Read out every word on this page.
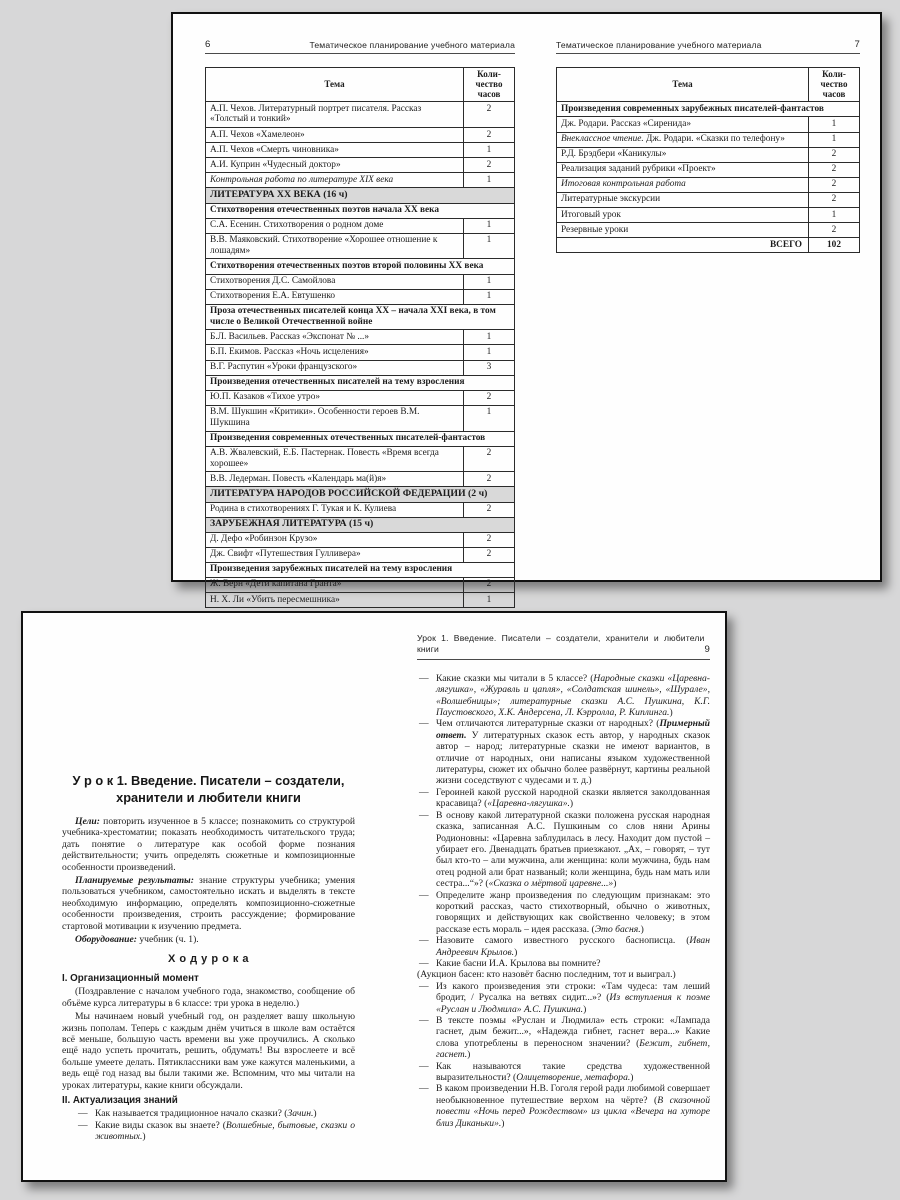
6	Тематическое планирование учебного материала
Тема	Коли-чество часов
А.П. Чехов. Литературный портрет писателя. Рассказ «Толстый и тонкий»	2
А.П. Чехов «Хамелеон»	2
А.П. Чехов «Смерть чиновника»	1
А.И. Куприн «Чудесный доктор»	2
Контрольная работа по литературе XIX века	1
ЛИТЕРАТУРА XX ВЕКА (16 ч)	
Стихотворения отечественных поэтов начала XX века	
С.А. Есенин. Стихотворения о родном доме	1
В.В. Маяковский. Стихотворение «Хорошее отношение к лошадям»	1
Стихотворения отечественных поэтов второй половины XX века	
Стихотворения Д.С. Самойлова	1
Стихотворения Е.А. Евтушенко	1
Проза отечественных писателей конца XX – начала XXI века, в том числе о Великой Отечественной войне	
Б.Л. Васильев. Рассказ «Экспонат № ...»	1
Б.П. Екимов. Рассказ «Ночь исцеления»	1
В.Г. Распутин «Уроки французского»	3
Произведения отечественных писателей на тему взросления	
Ю.П. Казаков «Тихое утро»	2
В.М. Шукшин «Критики». Особенности героев В.М. Шукшина	1
Произведения современных отечественных писателей-фантастов	
А.В. Жвалевский, Е.Б. Пастернак. Повесть «Время всегда хорошее»	2
В.В. Ледерман. Повесть «Календарь ма(й)я»	2
ЛИТЕРАТУРА НАРОДОВ РОССИЙСКОЙ ФЕДЕРАЦИИ (2 ч)	
Родина в стихотворениях Г. Тукая и К. Кулиева	2
ЗАРУБЕЖНАЯ ЛИТЕРАТУРА (15 ч)	
Д. Дефо «Робинзон Крузо»	2
Дж. Свифт «Путешествия Гулливера»	2
Произведения зарубежных писателей на тему взросления	
Ж. Верн «Дети капитана Гранта»	2
Н. Х. Ли «Убить пересмешника»	1
Тематическое планирование учебного материала	7
Тема	Коли-чество часов
Произведения современных зарубежных писателей-фантастов	
Дж. Родари. Рассказ «Сиренида»	1
Внеклассное чтение. Дж. Родари. «Сказки по телефону»	1
Р.Д. Брэдбери «Каникулы»	2
Реализация заданий рубрики «Проект»	2
Итоговая контрольная работа	2
Литературные экскурсии	2
Итоговый урок	1
Резервные уроки	2
ВСЕГО	102
У р о к 1. Введение. Писатели – создатели, хранители и любители книги

Цели: повторить изученное в 5 классе; познакомить со структурой учебника-хрестоматии; показать необходимость читательского труда; дать понятие о литературе как особой форме познания действительности; учить определять сюжетные и композиционные особенности произведений.

Планируемые результаты: знание структуры учебника; умения пользоваться учебником, самостоятельно искать и выделять в тексте необходимую информацию, определять композиционно-сюжетные особенности произведения, строить рассуждение; формирование стартовой мотивации к изучению предмета.

Оборудование: учебник (ч. 1).

Х о д у р о к а
I. Организационный момент

(Поздравление с началом учебного года, знакомство, сообщение об объёме курса литературы в 6 классе: три урока в неделю.)

Мы начинаем новый учебный год, он разделяет вашу школьную жизнь пополам. Теперь с каждым днём учиться в школе вам остаётся всё меньше, большую часть времени вы уже проучились. А сколько ещё надо успеть прочитать, решить, обдумать! Вы взрослеете и всё больше умеете делать. Пятиклассники вам уже кажутся маленькими, а ведь ещё год назад вы были такими же. Вспомним, что мы читали на уроках литературы, какие книги обсуждали.

II. Актуализация знаний
— Как называется традиционное начало сказки? (Зачин.)
— Какие виды сказок вы знаете? (Волшебные, бытовые, сказки о животных.)
Урок 1. Введение. Писатели – создатели, хранители и любители книги	9
— Какие сказки мы читали в 5 классе? (Народные сказки «Царевна-лягушка», «Журавль и цапля», «Солдатская шинель», «Шурале», «Волшебницы»; литературные сказки А.С. Пушкина, К.Г. Паустовского, Х.К. Андерсена, Л. Кэрролла, Р. Киплинга.)
— Чем отличаются литературные сказки от народных? (Примерный ответ. У литературных сказок есть автор, у народных сказок автор – народ; литературные сказки не имеют вариантов, в отличие от народных, они написаны языком художественной литературы, сюжет их обычно более развёрнут, картины реальной жизни соседствуют с чудесами и т. д.)
— Героиней какой русской народной сказки является заколдованная красавица? («Царевна-лягушка».)
— В основу какой литературной сказки положена русская народная сказка, записанная А.С. Пушкиным со слов няни Арины Родионовны: «Царевна заблудилась в лесу. Находит дом пустой – убирает его. Двенадцать братьев приезжают. „Ах, – говорят, – тут был кто-то – али мужчина, али женщина: коли мужчина, будь нам отец родной али брат названый; коли женщина, будь нам мать или сестра...“»? («Сказка о мёртвой царевне...»)
— Определите жанр произведения по следующим признакам: это короткий рассказ, часто стихотворный, обычно о животных, говорящих и действующих как свойственно человеку; в этом рассказе есть мораль – идея рассказа. (Это басня.)
— Назовите самого известного русского баснописца. (Иван Андреевич Крылов.)
— Какие басни И.А. Крылова вы помните?

(Аукцион басен: кто назовёт басню последним, тот и выиграл.)

— Из какого произведения эти строки: «Там чудеса: там леший бродит, / Русалка на ветвях сидит...»? (Из вступления к поэме «Руслан и Людмила» А.С. Пушкина.)
— В тексте поэмы «Руслан и Людмила» есть строки: «Лампада гаснет, дым бежит...», «Надежда гибнет, гаснет вера...» Какие слова употреблены в переносном значении? (Бежит, гибнет, гаснет.)
— Как называются такие средства художественной выразительности? (Олицетворение, метафора.)
— В каком произведении Н.В. Гоголя герой ради любимой совершает необыкновенное путешествие верхом на чёрте? (В сказочной повести «Ночь перед Рождеством» из цикла «Вечера на хуторе близ Диканьки».)
